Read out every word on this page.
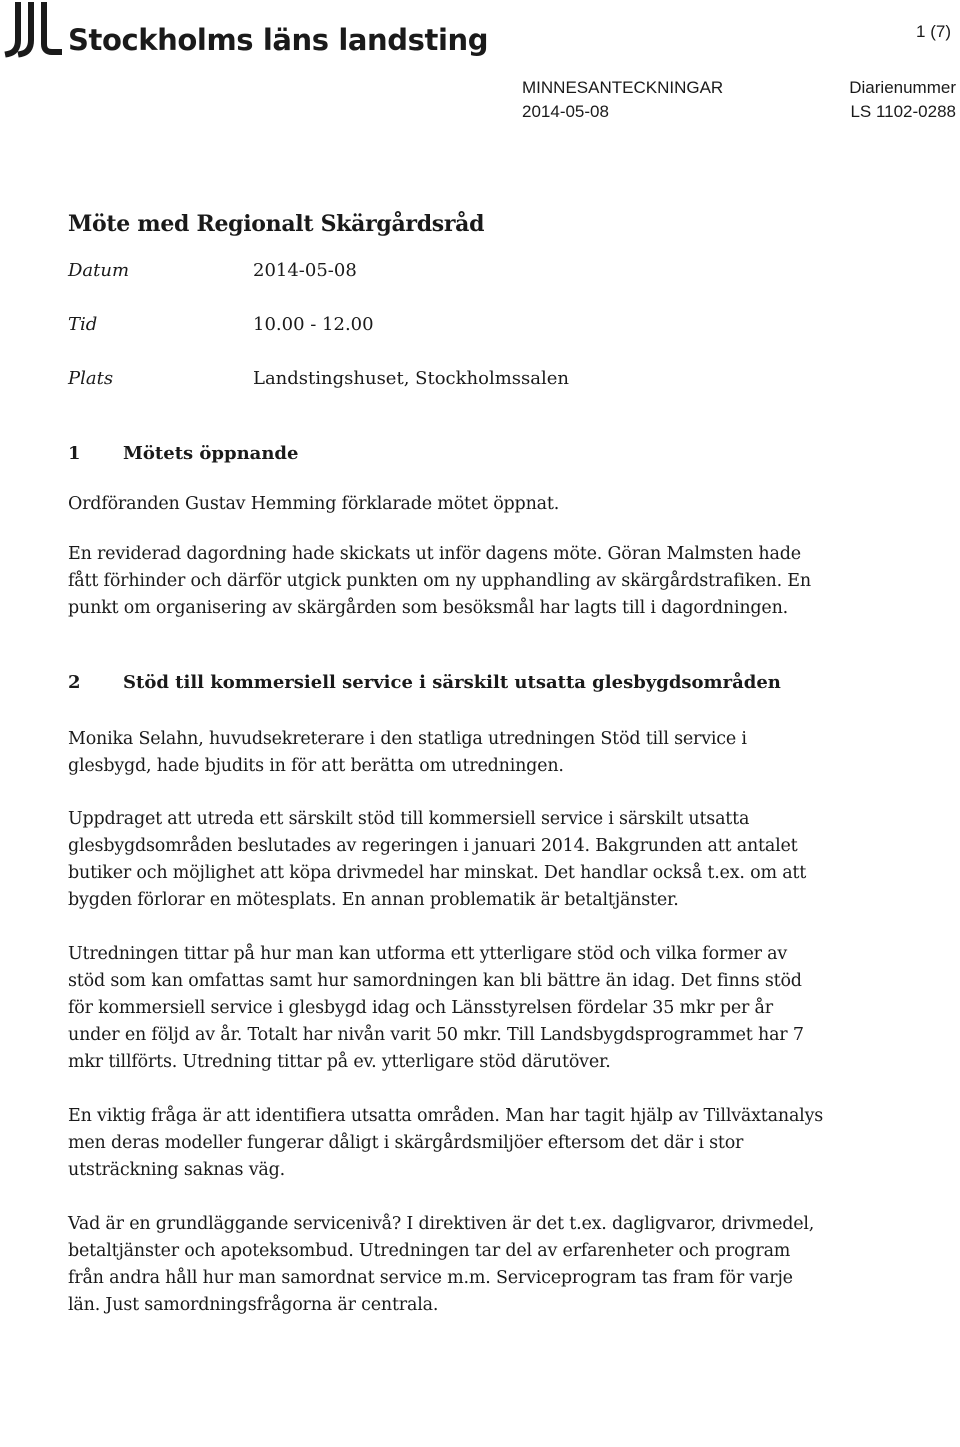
Stockholms läns landsting	1 (7)
MINNESANTECKNINGAR
2014-05-08
Diarienummer
LS 1102-0288
Möte med Regionalt Skärgårdsråd
Datum	2014-05-08
Tid	10.00 - 12.00
Plats	Landstingshuset, Stockholmssalen
1	Mötets öppnande

Ordföranden Gustav Hemming förklarade mötet öppnat.

En reviderad dagordning hade skickats ut inför dagens möte. Göran Malmsten hade fått förhinder och därför utgick punkten om ny upphandling av skärgårdstrafiken. En punkt om organisering av skärgården som besöksmål har lagts till i dagordningen.

2	Stöd till kommersiell service i särskilt utsatta glesbygdsområden

Monika Selahn, huvudsekreterare i den statliga utredningen Stöd till service i glesbygd, hade bjudits in för att berätta om utredningen.

Uppdraget att utreda ett särskilt stöd till kommersiell service i särskilt utsatta glesbygdsområden beslutades av regeringen i januari 2014. Bakgrunden att antalet butiker och möjlighet att köpa drivmedel har minskat. Det handlar också t.ex. om att bygden förlorar en mötesplats. En annan problematik är betaltjänster.

Utredningen tittar på hur man kan utforma ett ytterligare stöd och vilka former av stöd som kan omfattas samt hur samordningen kan bli bättre än idag. Det finns stöd för kommersiell service i glesbygd idag och Länsstyrelsen fördelar 35 mkr per år under en följd av år. Totalt har nivån varit 50 mkr. Till Landsbygdsprogrammet har 7 mkr tillförts. Utredning tittar på ev. ytterligare stöd därutöver.

En viktig fråga är att identifiera utsatta områden. Man har tagit hjälp av Tillväxtanalys men deras modeller fungerar dåligt i skärgårdsmiljöer eftersom det där i stor utsträckning saknas väg.

Vad är en grundläggande servicenivå? I direktiven är det t.ex. dagligvaror, drivmedel, betaltjänster och apoteksombud. Utredningen tar del av erfarenheter och program från andra håll hur man samordnat service m.m. Serviceprogram tas fram för varje län. Just samordningsfrågorna är centrala.
